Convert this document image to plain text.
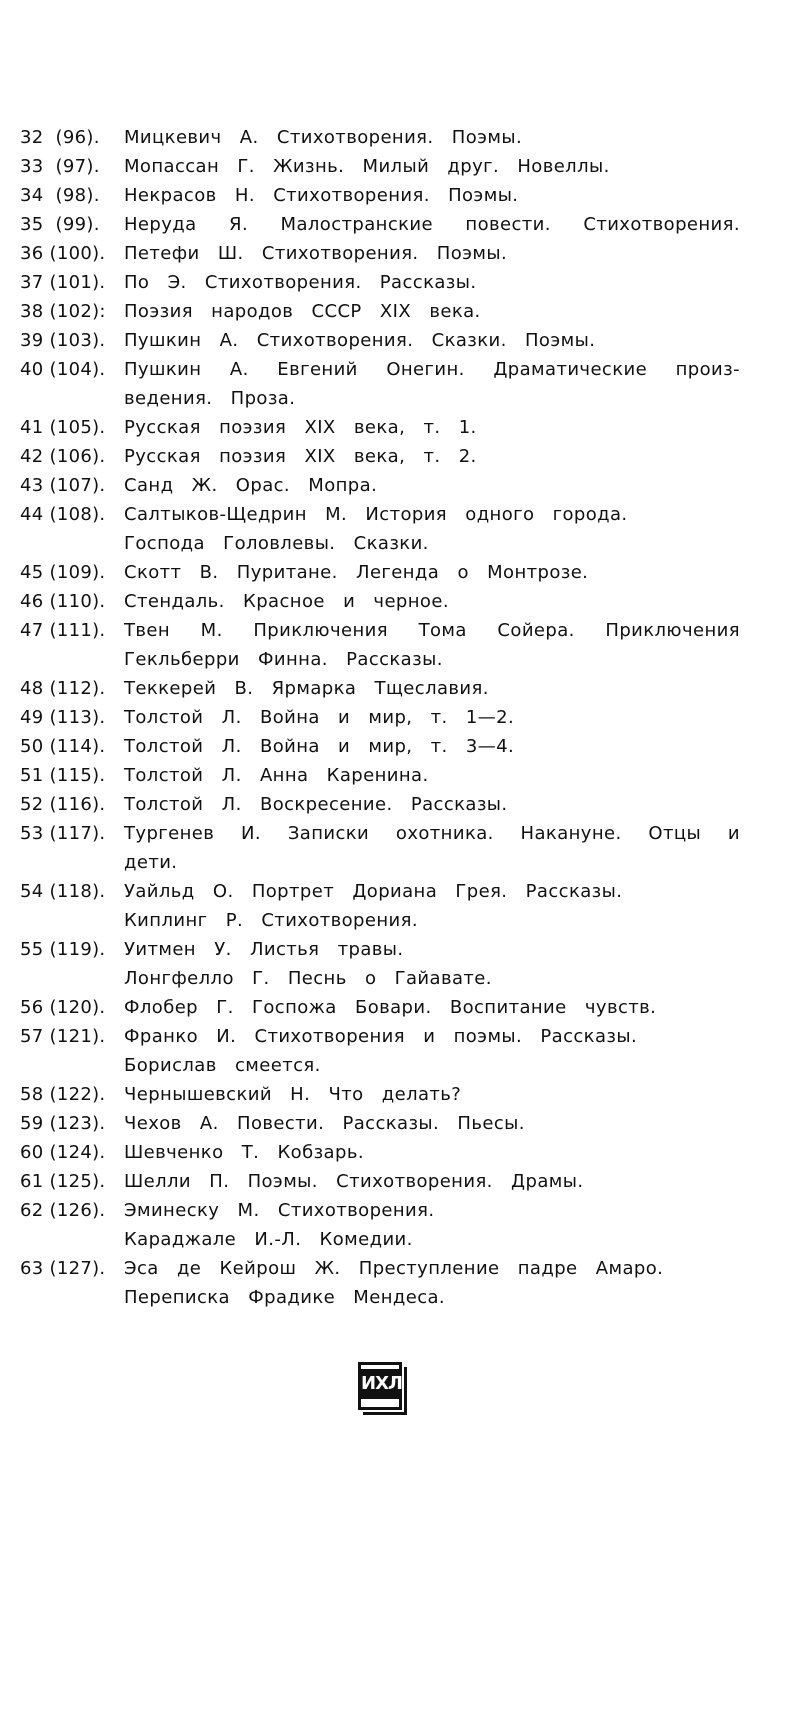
32  (96).	Мицкевич  А.  Стихотворения.  Поэмы.
33  (97).	Мопассан  Г.  Жизнь.  Милый  друг.  Новеллы.
34  (98).	Некрасов  Н.  Стихотворения.  Поэмы.
35  (99).	Неруда Я. Малостранские повести. Стихотворения.
36 (100).	Петефи  Ш.  Стихотворения.  Поэмы.
37 (101).	По  Э.  Стихотворения.  Рассказы.
38 (102):	Поэзия  народов  СССР  XIX  века.
39 (103).	Пушкин  А.  Стихотворения.  Сказки.  Поэмы.
40 (104).	Пушкин А. Евгений Онегин. Драматические произ-
ведения.  Проза.
41 (105).	Русская  поэзия  XIX  века,  т.  1.
42 (106).	Русская  поэзия  XIX  века,  т.  2.
43 (107).	Санд  Ж.  Орас.  Мопра.
44 (108).	Салтыков-Щедрин  М.  История  одного  города.
Господа  Головлевы.  Сказки.
45 (109).	Скотт  В.  Пуритане.  Легенда  о  Монтрозе.
46 (110).	Стендаль.  Красное  и  черное.
47 (111).	Твен М. Приключения Тома Сойера. Приключения
Гекльберри  Финна.  Рассказы.
48 (112).	Теккерей  В.  Ярмарка  Тщеславия.
49 (113).	Толстой  Л.  Война  и  мир,  т.  1—2.
50 (114).	Толстой  Л.  Война  и  мир,  т.  3—4.
51 (115).	Толстой  Л.  Анна  Каренина.
52 (116).	Толстой  Л.  Воскресение.  Рассказы.
53 (117).	Тургенев И. Записки охотника. Накануне. Отцы и
дети.
54 (118).	Уайльд  О.  Портрет  Дориана  Грея.  Рассказы.
Киплинг  Р.  Стихотворения.
55 (119).	Уитмен  У.  Листья  травы.
Лонгфелло  Г.  Песнь  о  Гайавате.
56 (120).	Флобер  Г.  Госпожа  Бовари.  Воспитание  чувств.
57 (121).	Франко  И.  Стихотворения  и  поэмы.  Рассказы.
Борислав  смеется.
58 (122).	Чернышевский  Н.  Что  делать?
59 (123).	Чехов  А.  Повести.  Рассказы.  Пьесы.
60 (124).	Шевченко  Т.  Кобзарь.
61 (125).	Шелли  П.  Поэмы.  Стихотворения.  Драмы.
62 (126).	Эминеску  М.  Стихотворения.
Караджале  И.-Л.  Комедии.
63 (127).	Эса  де  Кейрош  Ж.  Преступление  падре  Амаро.
Переписка  Фрадике  Мендеса.
ИХЛ
